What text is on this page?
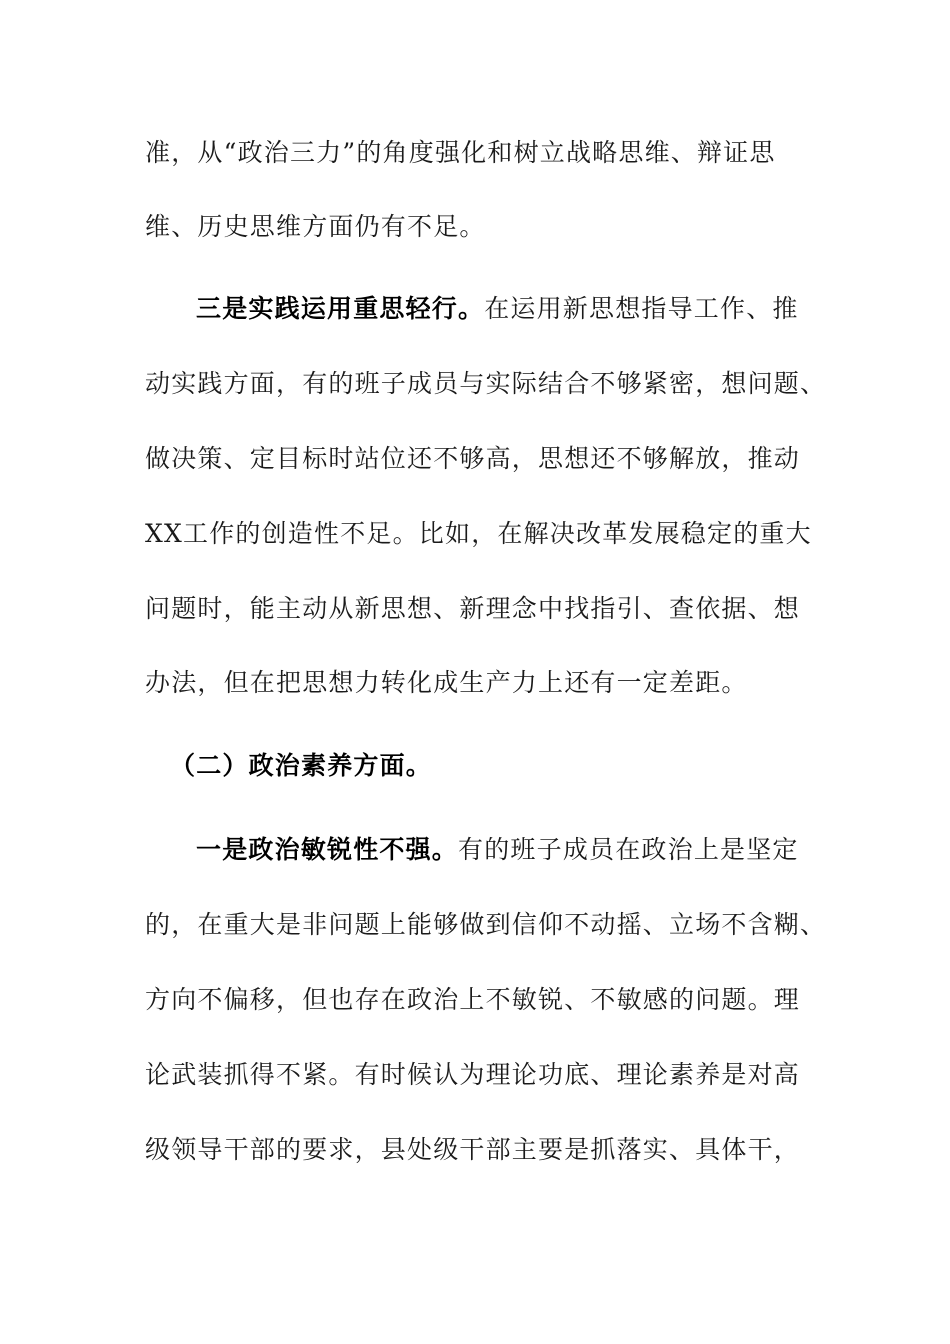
准，从“政治三力”的角度强化和树立战略思维、辩证思
维、历史思维方面仍有不足。
三是实践运用重思轻行。在运用新思想指导工作、推
动实践方面，有的班子成员与实际结合不够紧密，想问题、
做决策、定目标时站位还不够高，思想还不够解放，推动
XX工作的创造性不足。比如，在解决改革发展稳定的重大
问题时，能主动从新思想、新理念中找指引、查依据、想
办法，但在把思想力转化成生产力上还有一定差距。
（二）政治素养方面。
一是政治敏锐性不强。有的班子成员在政治上是坚定
的，在重大是非问题上能够做到信仰不动摇、立场不含糊、
方向不偏移，但也存在政治上不敏锐、不敏感的问题。理
论武装抓得不紧。有时候认为理论功底、理论素养是对高
级领导干部的要求，县处级干部主要是抓落实、具体干，
